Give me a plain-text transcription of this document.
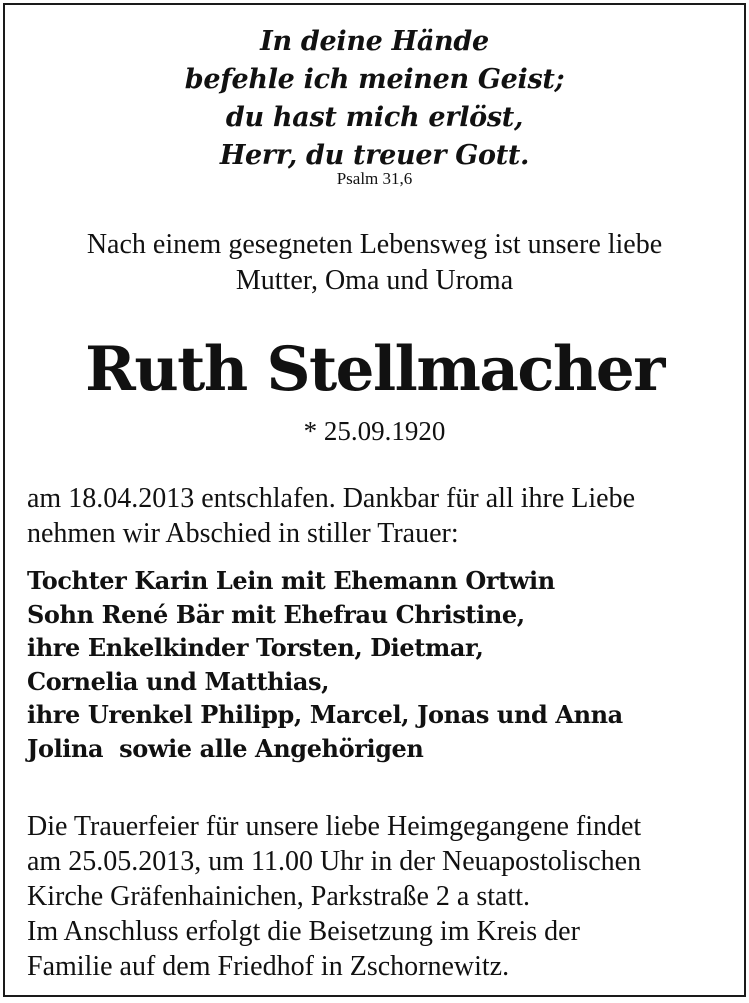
In deine Hände
befehle ich meinen Geist;
du hast mich erlöst,
Herr, du treuer Gott.
Psalm 31,6
Nach einem gesegneten Lebensweg ist unsere liebe
Mutter, Oma und Uroma
Ruth Stellmacher
* 25.09.1920
am 18.04.2013 entschlafen. Dankbar für all ihre Liebe
nehmen wir Abschied in stiller Trauer:
Tochter Karin Lein mit Ehemann Ortwin
Sohn René Bär mit Ehefrau Christine,
ihre Enkelkinder Torsten, Dietmar,
Cornelia und Matthias,
ihre Urenkel Philipp, Marcel, Jonas und Anna
Jolina  sowie alle Angehörigen
Die Trauerfeier für unsere liebe Heimgegangene findet
am 25.05.2013, um 11.00 Uhr in der Neuapostolischen
Kirche Gräfenhainichen, Parkstraße 2 a statt.
Im Anschluss erfolgt die Beisetzung im Kreis der
Familie auf dem Friedhof in Zschornewitz.
